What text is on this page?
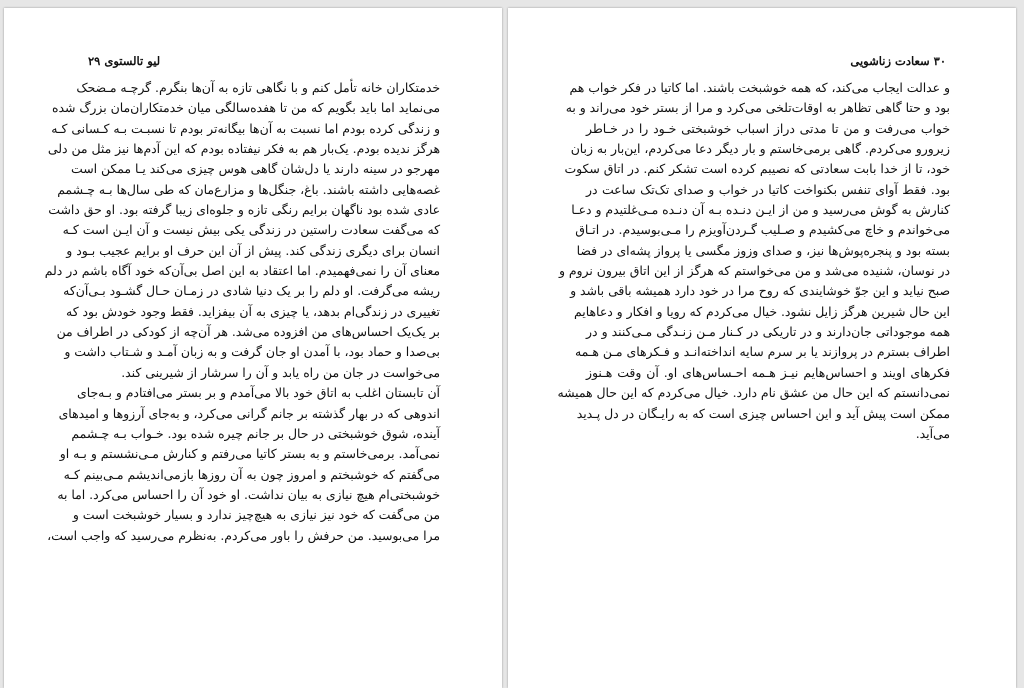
لیو تالستوی ۲۹
خدمتکاران خانه تأمل کنم و با نگاهی تازه به آن‌ها بنگرم. گرچـه مـضحک
می‌نماید اما باید بگویم که من تا هفده‌سالگی میان خدمتکاران‌مان بزرگ شده
و زندگی کرده بودم اما نسبت به آن‌ها بیگانه‌تر بودم تا نسبـت بـه کـسانی کـه
هرگز ندیده بودم. یک‌بار هم به فکر نیفتاده بودم که این آدم‌ها نیز مثل من دلی
مهرجو در سینه دارند یا دل‌شان گاهی هوس چیزی می‌کند یـا ممکن است
غصه‌هایی داشته باشند. باغ، جنگل‌ها و مزارع‌مان که طی سال‌ها بـه چـشمم
عادی شده بود ناگهان برایم رنگی تازه و جلوه‌ای زیبا گرفته بود. او حق داشت
که می‌گفت سعادت راستین در زندگی یکی بیش نیست و آن ایـن است کـه
انسان برای دیگری زندگی کند. پیش از آن این حرف او برایم عجیب بـود و
معنای آن را نمی‌فهمیدم. اما اعتقاد به این اصل بی‌آن‌که خود آگاه باشم در دلم
ریشه می‌گرفت. او دلم را بر یک دنیا شادی در زمـان حـال گشـود بـی‌آن‌که
تغییری در زندگی‌ام بدهد، یا چیزی به آن بیفزاید. فقط وجود خودش بود که
بر یک‌یک احساس‌های من افزوده می‌شد. هر آن‌چه از کودکی در اطراف من
بی‌صدا و حماد بود، با آمدن او جان گرفت و به زبان آمـد و شـتاب داشت و
می‌خواست در جان من راه یابد و آن را سرشار از شیرینی کند.
آن تابستان اغلب به اتاق خود بالا می‌آمدم و بر بستر می‌افتادم و بـه‌جای
اندوهی که در بهار گذشته بر جانم گرانی می‌کرد، و به‌جای آرزوها و امیدهای
آینده، شوق خوشبختی در حال بر جانم چیره شده بود. خـواب بـه چـشمم
نمی‌آمد. برمی‌خاستم و به بستر کاتیا می‌رفتم و کنارش مـی‌نشستم و بـه او
می‌گفتم که خوشبختم و امروز چون به آن روزها بازمی‌اندیشم مـی‌بینم کـه
خوشبختی‌ام هیچ نیازی به بیان نداشت. او خود آن را احساس می‌کرد. اما به
من می‌گفت که خود نیز نیازی به هیچ‌چیز ندارد و بسیار خوشبخت است و
مرا می‌بوسید. من حرفش را باور می‌کردم. به‌نظرم می‌رسید که واجب است،
۳۰ سعادت زناشویی
و عدالت ایجاب می‌کند، که همه خوشبخت باشند. اما کاتیا در فکر خواب هم
بود و حتا گاهی تظاهر به اوقات‌تلخی می‌کرد و مرا از بستر خود می‌راند و به
خواب می‌رفت و من تا مدتی دراز اسباب خوشبختی خـود را در خـاطر
زیرورو می‌کردم. گاهی برمی‌خاستم و بار دیگر دعا می‌کردم، این‌بار به زبان
خود، تا از خدا بابت سعادتی که نصیبم کرده است تشکر کنم. در اتاق سکوت
بود. فقط آوای تنفس بکنواخت کاتیا در خواب و صدای تک‌تک ساعت در
کنارش به گوش می‌رسید و من از ایـن دنـده بـه آن دنـده مـی‌غلتیدم و دعـا
می‌خواندم و خاچ می‌کشیدم و صـلیب گـردن‌آویزم را مـی‌بوسیدم. در اتـاق
بسته بود و پنجره‌پوش‌ها نیز، و صدای وزوز مگسی یا پرواز پشه‌ای در فضا
در نوسان، شنیده می‌شد و من می‌خواستم که هرگز از این اتاق بیرون نروم و
صبح نیاید و این جوّ خوشایندی که روح مرا در خود دارد همیشه باقی باشد و
این حال شیرین هرگز زایل نشود. خیال می‌کردم که رویا و افکار و دعاهایم
همه موجوداتی جان‌دارند و در تاریکی در کـنار مـن زنـدگی مـی‌کنند و در
اطراف بسترم در پروازند یا بر سرم سایه انداخته‌انـد و فـکرهای مـن هـمه
فکرهای اویند و احساس‌هایم نیـز هـمه احـساس‌های او. آن وقت هـنوز
نمی‌دانستم که این حال من عشق نام دارد. خیال می‌کردم که این حال همیشه
ممکن است پیش آید و این احساس چیزی است که به رایـگان در دل پـدید
می‌آید.
